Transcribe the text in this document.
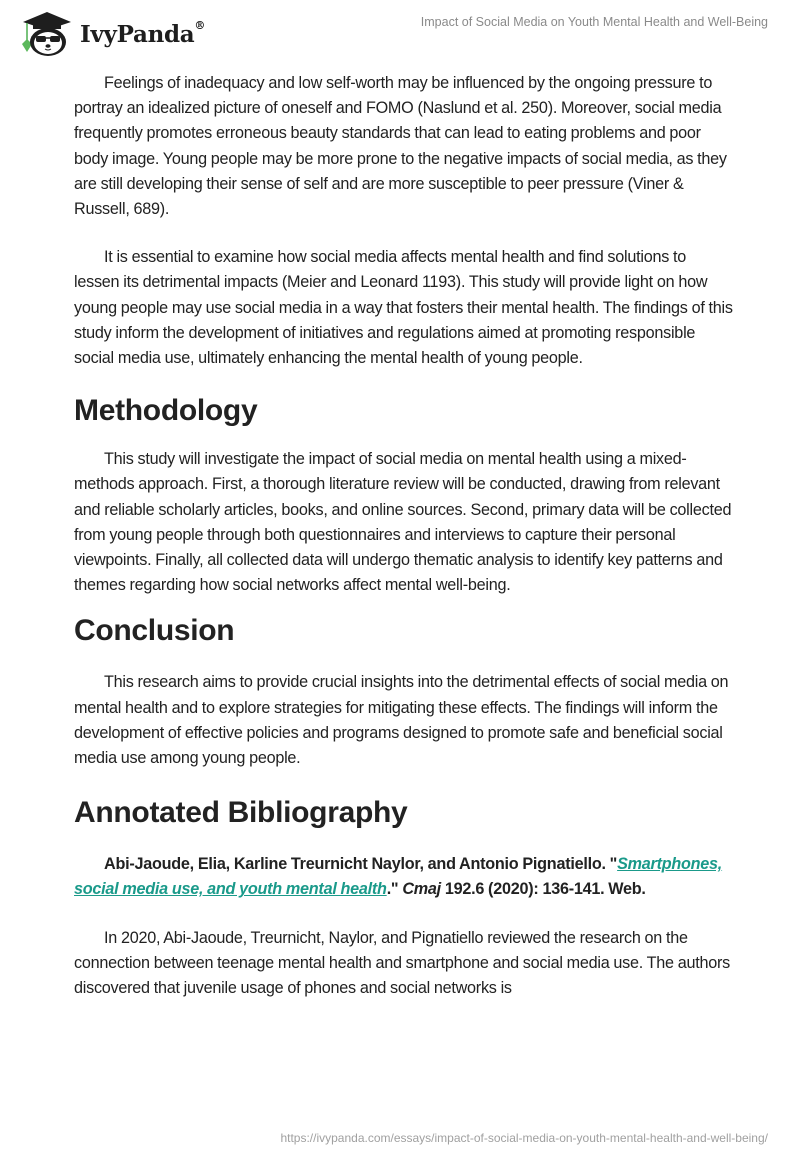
IvyPanda®	Impact of Social Media on Youth Mental Health and Well-Being

Feelings of inadequacy and low self-worth may be influenced by the ongoing pressure to portray an idealized picture of oneself and FOMO (Naslund et al. 250). Moreover, social media frequently promotes erroneous beauty standards that can lead to eating problems and poor body image. Young people may be more prone to the negative impacts of social media, as they are still developing their sense of self and are more susceptible to peer pressure (Viner & Russell, 689).

It is essential to examine how social media affects mental health and find solutions to lessen its detrimental impacts (Meier and Leonard 1193). This study will provide light on how young people may use social media in a way that fosters their mental health. The findings of this study inform the development of initiatives and regulations aimed at promoting responsible social media use, ultimately enhancing the mental health of young people.

Methodology

This study will investigate the impact of social media on mental health using a mixed-methods approach. First, a thorough literature review will be conducted, drawing from relevant and reliable scholarly articles, books, and online sources. Second, primary data will be collected from young people through both questionnaires and interviews to capture their personal viewpoints. Finally, all collected data will undergo thematic analysis to identify key patterns and themes regarding how social networks affect mental well-being.

Conclusion

This research aims to provide crucial insights into the detrimental effects of social media on mental health and to explore strategies for mitigating these effects. The findings will inform the development of effective policies and programs designed to promote safe and beneficial social media use among young people.

Annotated Bibliography

Abi-Jaoude, Elia, Karline Treurnicht Naylor, and Antonio Pignatiello. "Smartphones, social media use, and youth mental health." Cmaj 192.6 (2020): 136-141. Web.

In 2020, Abi-Jaoude, Treurnicht, Naylor, and Pignatiello reviewed the research on the connection between teenage mental health and smartphone and social media use. The authors discovered that juvenile usage of phones and social networks is

https://ivypanda.com/essays/impact-of-social-media-on-youth-mental-health-and-well-being/
